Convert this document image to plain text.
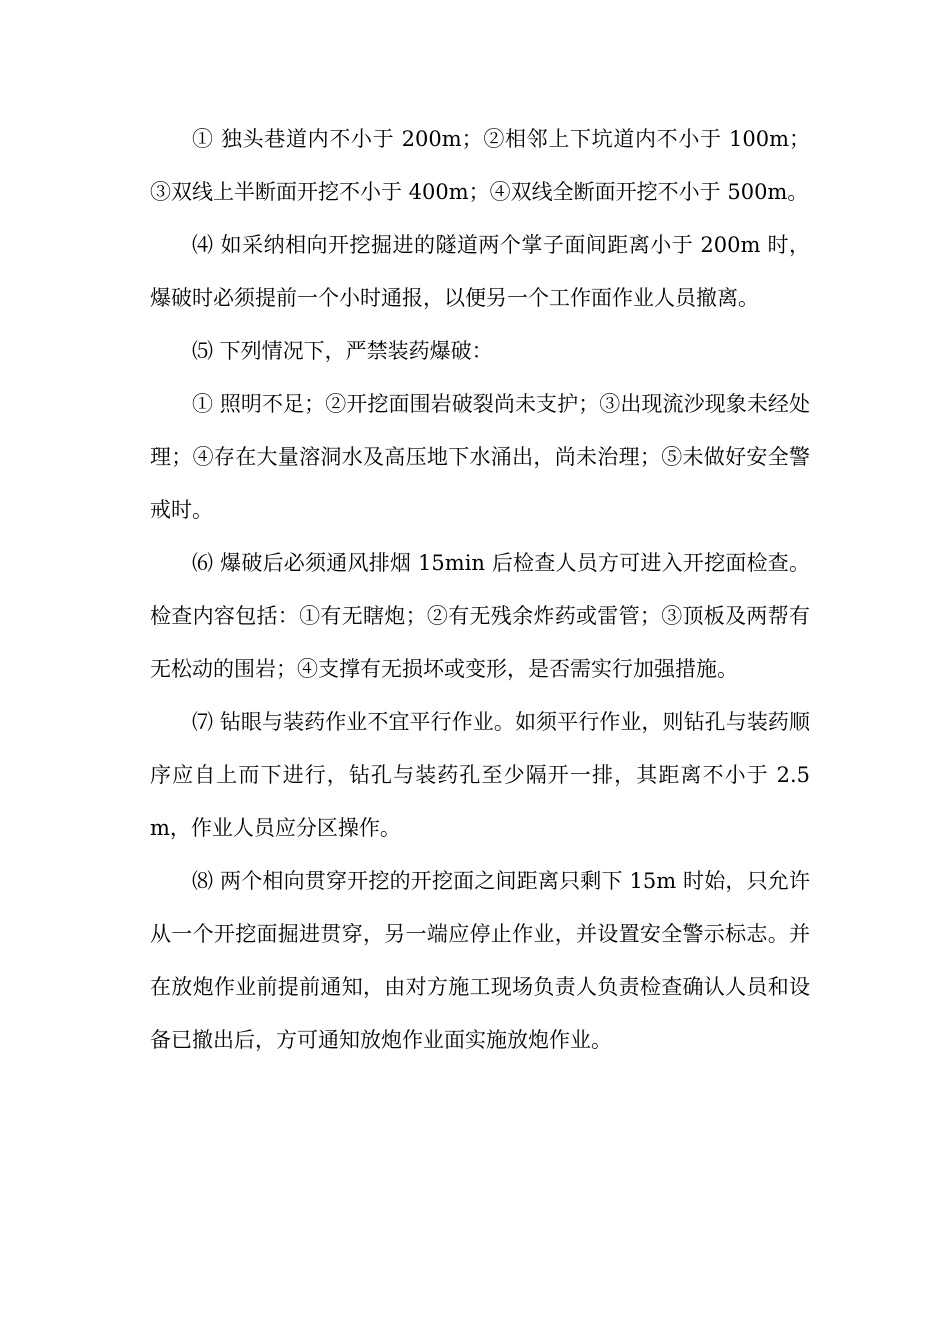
① 独头巷道内不小于 200m；②相邻上下坑道内不小于 100m；③双线上半断面开挖不小于 400m；④双线全断面开挖不小于 500m。

⑷ 如采纳相向开挖掘进的隧道两个掌子面间距离小于 200m 时，爆破时必须提前一个小时通报，以便另一个工作面作业人员撤离。

⑸ 下列情况下，严禁装药爆破：

① 照明不足；②开挖面围岩破裂尚未支护；③出现流沙现象未经处理；④存在大量溶洞水及高压地下水涌出，尚未治理；⑤未做好安全警戒时。

⑹ 爆破后必须通风排烟 15min 后检查人员方可进入开挖面检查。检查内容包括：①有无瞎炮；②有无残余炸药或雷管；③顶板及两帮有无松动的围岩；④支撑有无损坏或变形，是否需实行加强措施。

⑺ 钻眼与装药作业不宜平行作业。如须平行作业，则钻孔与装药顺序应自上而下进行，钻孔与装药孔至少隔开一排，其距离不小于 2.5m，作业人员应分区操作。

⑻ 两个相向贯穿开挖的开挖面之间距离只剩下 15m 时始，只允许从一个开挖面掘进贯穿，另一端应停止作业，并设置安全警示标志。并在放炮作业前提前通知，由对方施工现场负责人负责检查确认人员和设备已撤出后，方可通知放炮作业面实施放炮作业。
